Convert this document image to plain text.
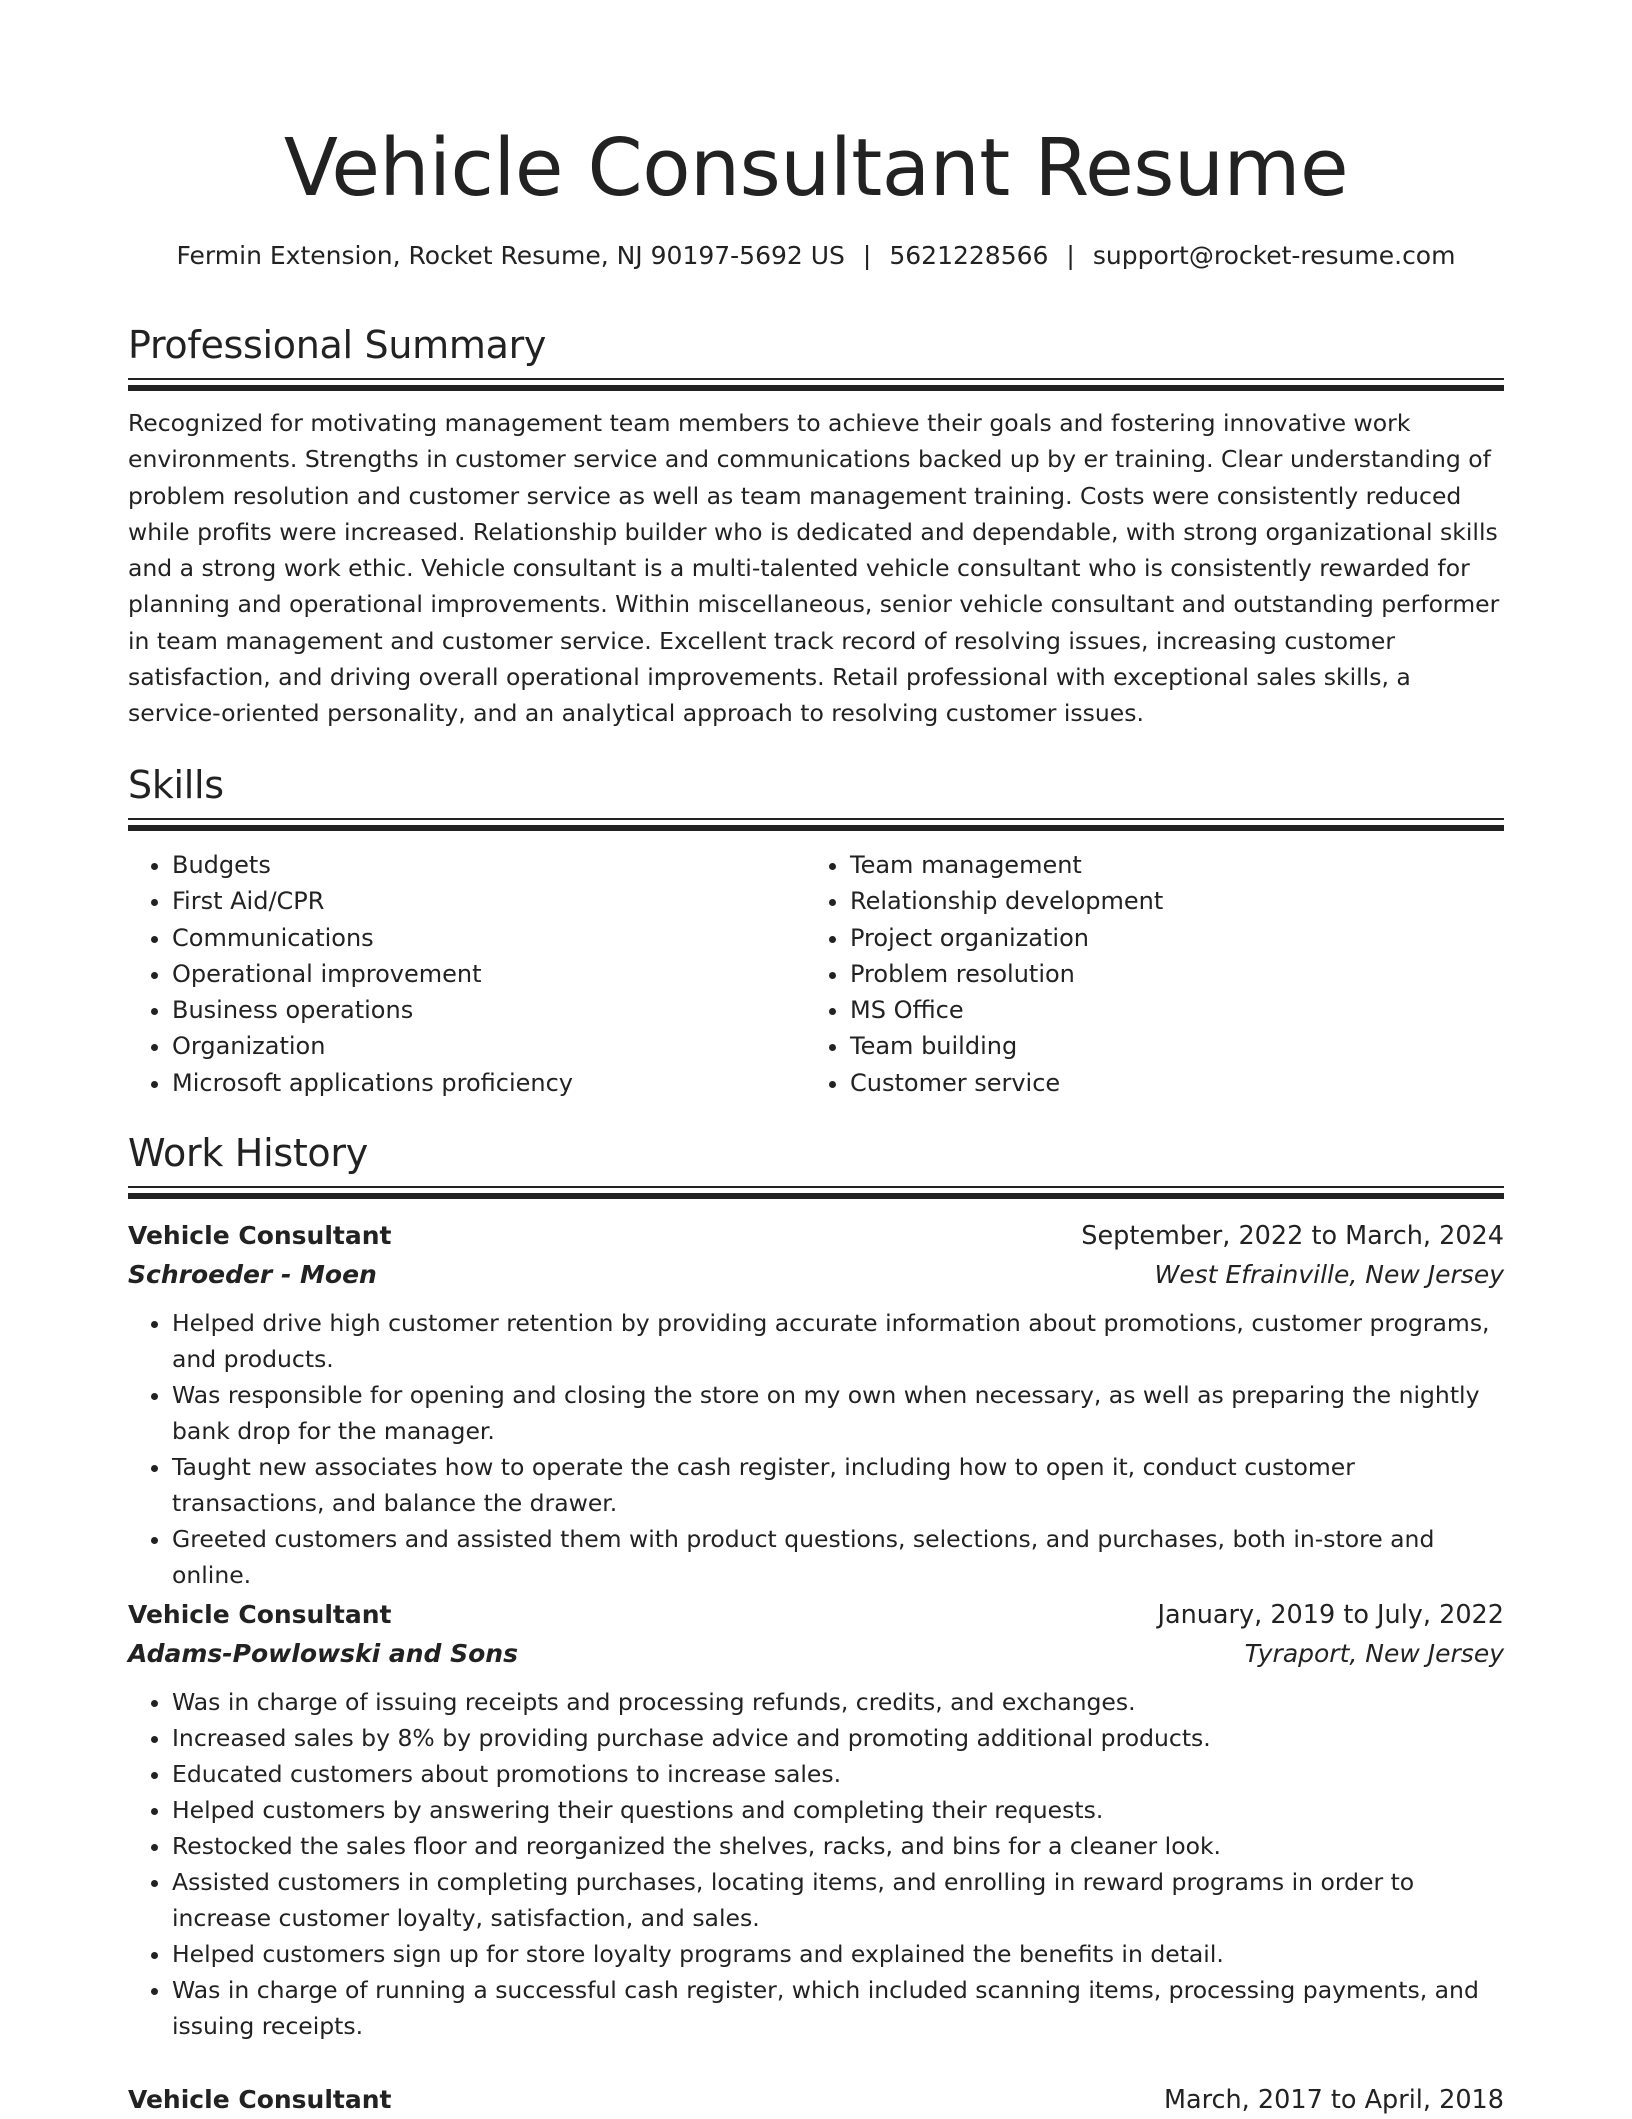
Vehicle Consultant Resume
Fermin Extension, Rocket Resume, NJ 90197-5692 US | 5621228566 | support@rocket-resume.com
Professional Summary

Recognized for motivating management team members to achieve their goals and fostering innovative work environments. Strengths in customer service and communications backed up by er training. Clear understanding of problem resolution and customer service as well as team management training. Costs were consistently reduced while profits were increased. Relationship builder who is dedicated and dependable, with strong organizational skills and a strong work ethic. Vehicle consultant is a multi-talented vehicle consultant who is consistently rewarded for planning and operational improvements. Within miscellaneous, senior vehicle consultant and outstanding performer in team management and customer service. Excellent track record of resolving issues, increasing customer satisfaction, and driving overall operational improvements. Retail professional with exceptional sales skills, a service-oriented personality, and an analytical approach to resolving customer issues.

Skills
• Budgets
• First Aid/CPR
• Communications
• Operational improvement
• Business operations
• Organization
• Microsoft applications proficiency
• Team management
• Relationship development
• Project organization
• Problem resolution
• MS Office
• Team building
• Customer service
Work History
Vehicle Consultant	September, 2022 to March, 2024
Schroeder - Moen	West Efrainville, New Jersey
• Helped drive high customer retention by providing accurate information about promotions, customer programs, and products.
• Was responsible for opening and closing the store on my own when necessary, as well as preparing the nightly bank drop for the manager.
• Taught new associates how to operate the cash register, including how to open it, conduct customer transactions, and balance the drawer.
• Greeted customers and assisted them with product questions, selections, and purchases, both in-store and online.
Vehicle Consultant	January, 2019 to July, 2022
Adams-Powlowski and Sons	Tyraport, New Jersey
• Was in charge of issuing receipts and processing refunds, credits, and exchanges.
• Increased sales by 8% by providing purchase advice and promoting additional products.
• Educated customers about promotions to increase sales.
• Helped customers by answering their questions and completing their requests.
• Restocked the sales floor and reorganized the shelves, racks, and bins for a cleaner look.
• Assisted customers in completing purchases, locating items, and enrolling in reward programs in order to increase customer loyalty, satisfaction, and sales.
• Helped customers sign up for store loyalty programs and explained the benefits in detail.
• Was in charge of running a successful cash register, which included scanning items, processing payments, and issuing receipts.
Vehicle Consultant	March, 2017 to April, 2018
